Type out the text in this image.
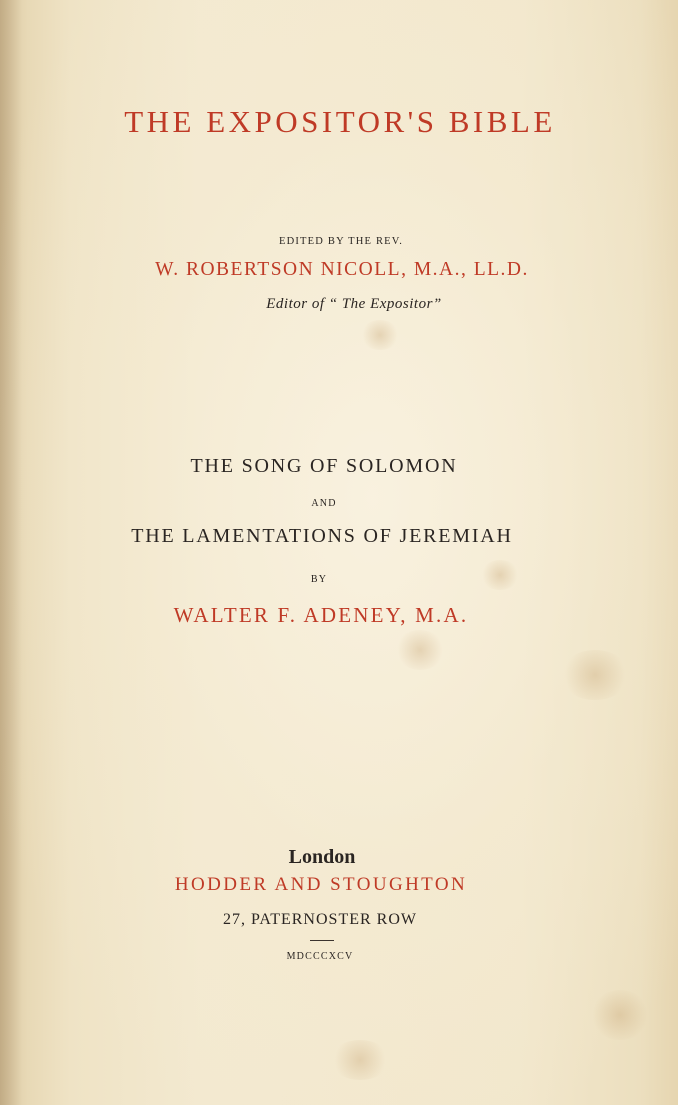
THE EXPOSITOR'S BIBLE
EDITED BY THE REV.
W. ROBERTSON NICOLL, M.A., LL.D.
Editor of “ The Expositor”
THE SONG OF SOLOMON
AND
THE LAMENTATIONS OF JEREMIAH
BY
WALTER F. ADENEY, M.A.
London
HODDER AND STOUGHTON
27, PATERNOSTER ROW
MDCCCXCV
